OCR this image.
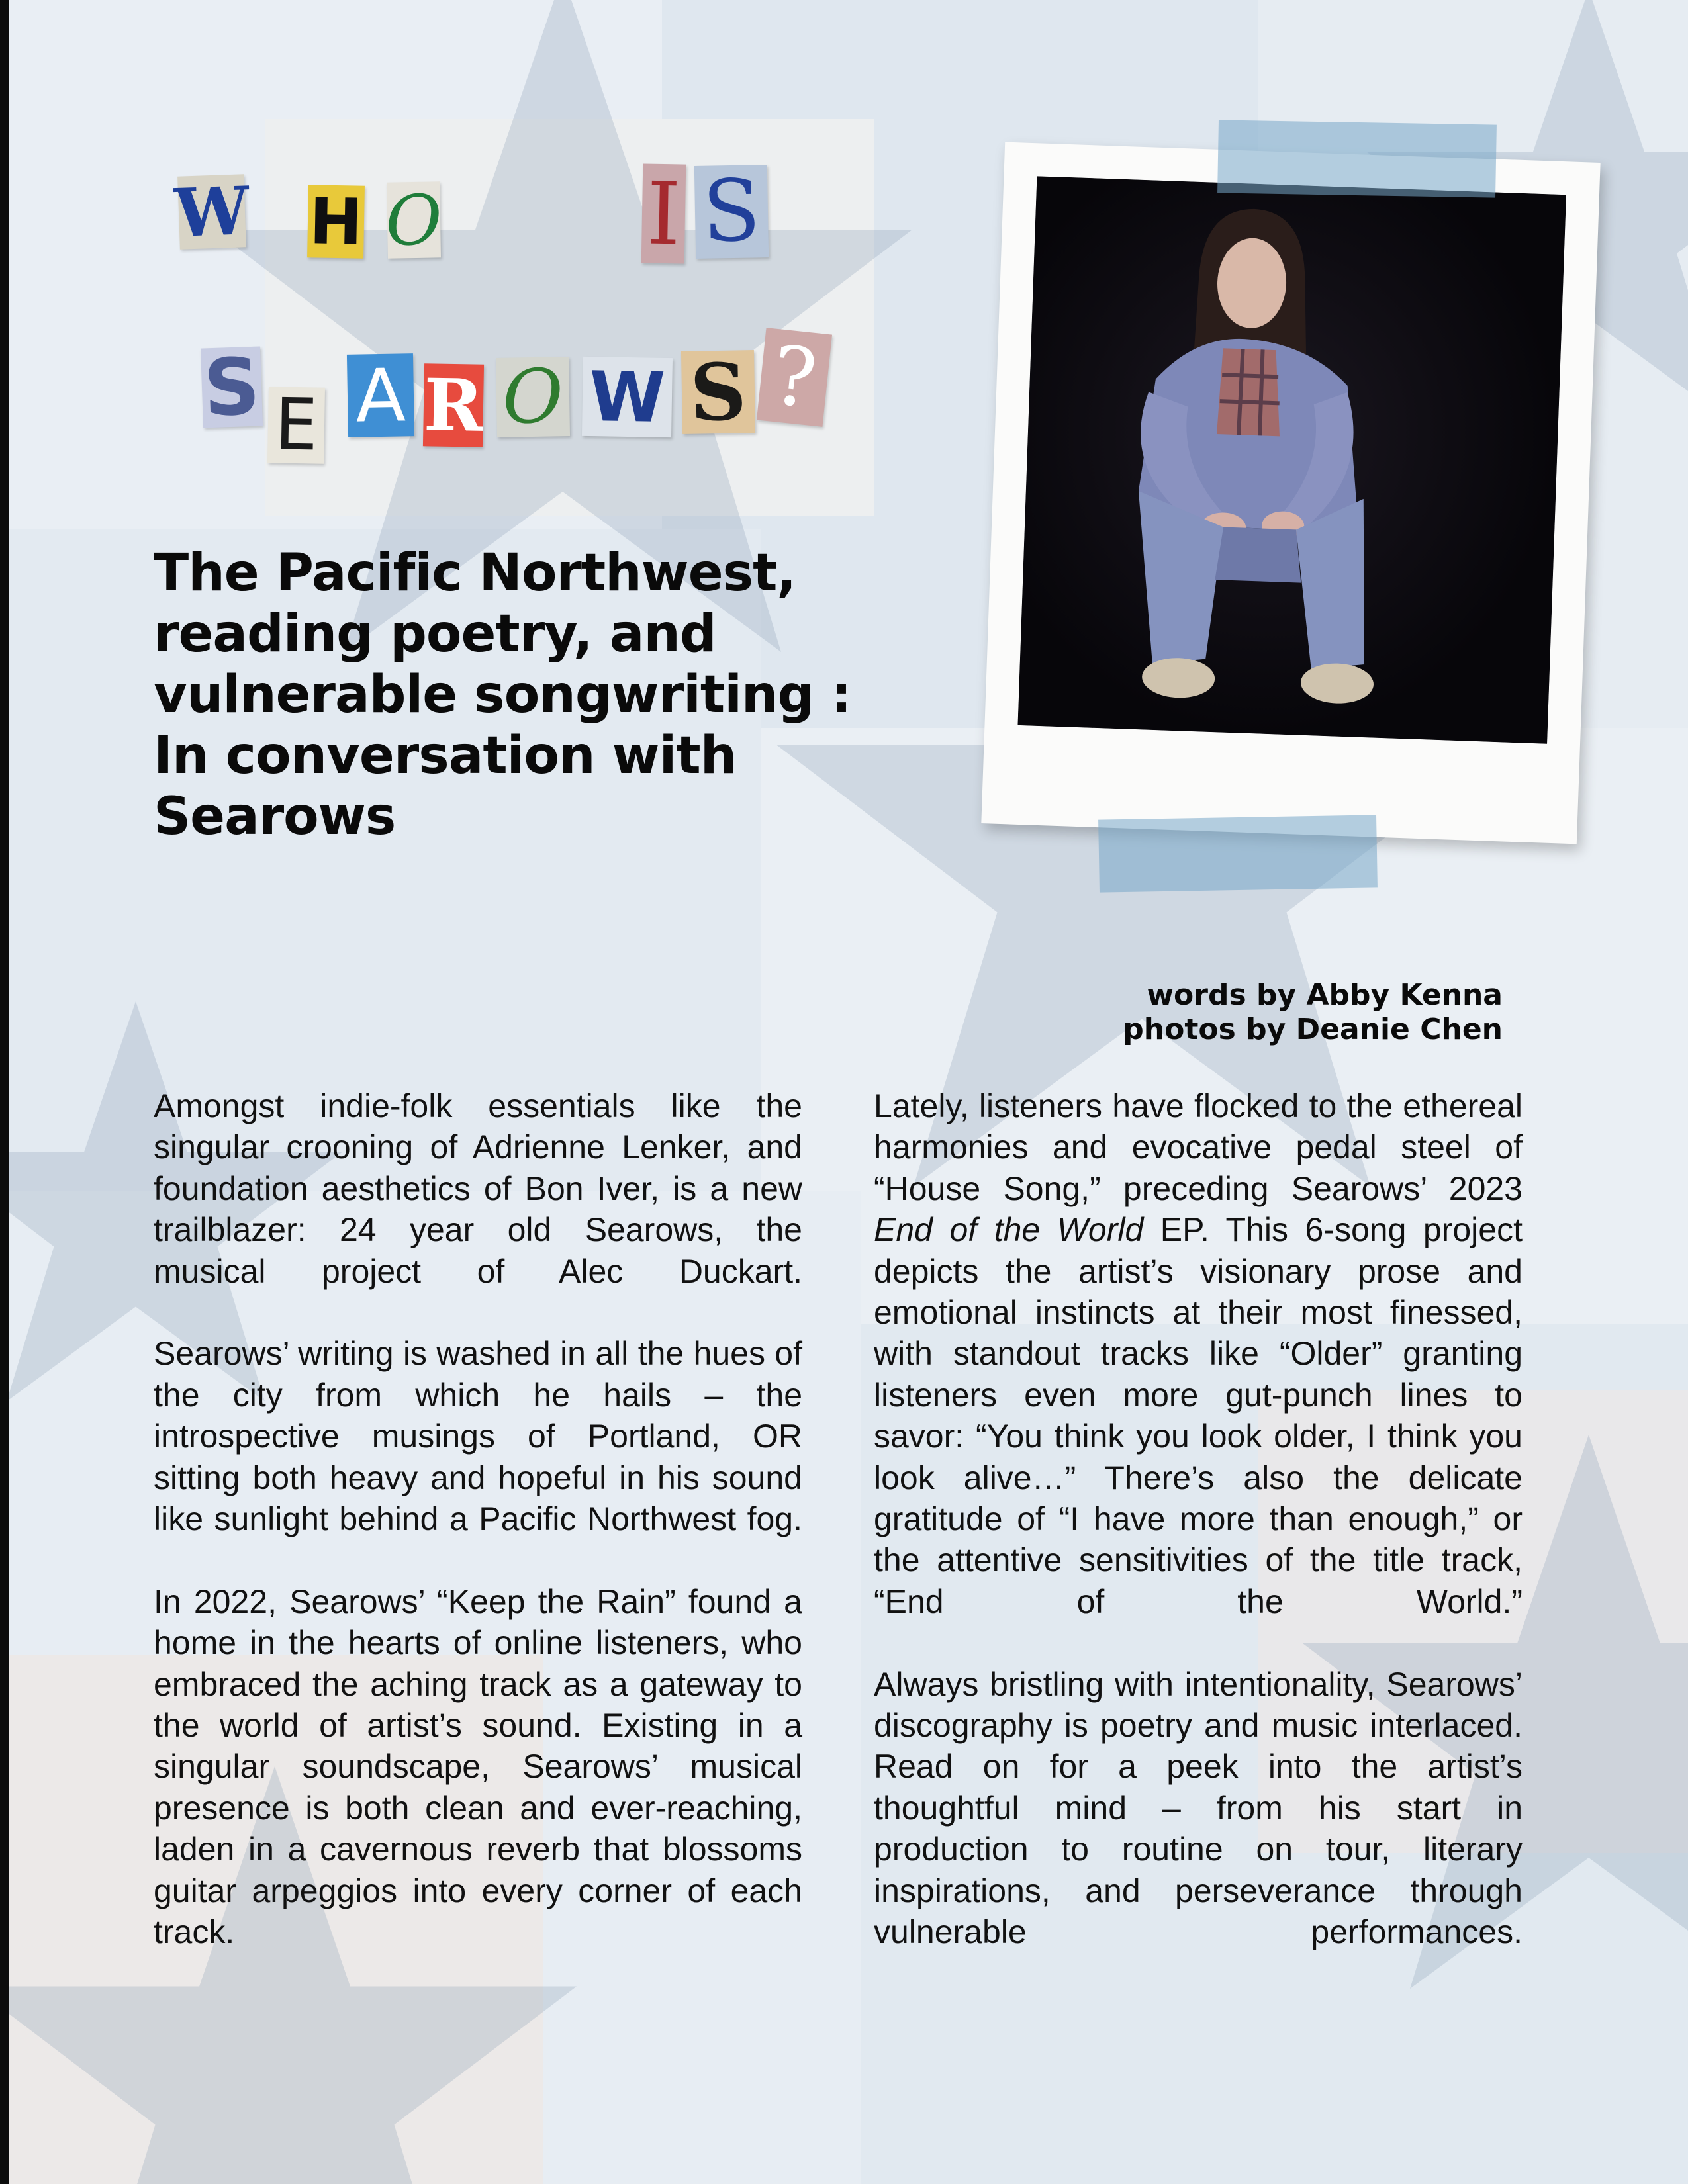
W H O I S
S E A R O W S ?
The Pacific Northwest, reading poetry, and vulnerable songwriting : In conversation with Searows
words by Abby Kenna
photos by Deanie Chen

Amongst indie-folk essentials like the singular crooning of Adrienne Lenker, and foundation aesthetics of Bon Iver, is a new trailblazer: 24 year old Searows, the musical project of Alec Duckart.

Searows’ writing is washed in all the hues of the city from which he hails – the introspective musings of Portland, OR sitting both heavy and hopeful in his sound like sunlight behind a Pacific Northwest fog.

In 2022, Searows’ “Keep the Rain” found a home in the hearts of online listeners, who embraced the aching track as a gateway to the world of artist’s sound. Existing in a singular soundscape, Searows’ musical presence is both clean and ever-reaching, laden in a cavernous reverb that blossoms guitar arpeggios into every corner of each track.

Lately, listeners have flocked to the ethereal harmonies and evocative pedal steel of “House Song,” preceding Searows’ 2023 End of the World EP. This 6-song project depicts the artist’s visionary prose and emotional instincts at their most finessed, with standout tracks like “Older” granting listeners even more gut-punch lines to savor: “You think you look older, I think you look alive…” There’s also the delicate gratitude of “I have more than enough,” or the attentive sensitivities of the title track, “End of the World.”

Always bristling with intentionality, Searows’ discography is poetry and music interlaced. Read on for a peek into the artist’s thoughtful mind – from his start in production to routine on tour, literary inspirations, and perseverance through vulnerable performances.
